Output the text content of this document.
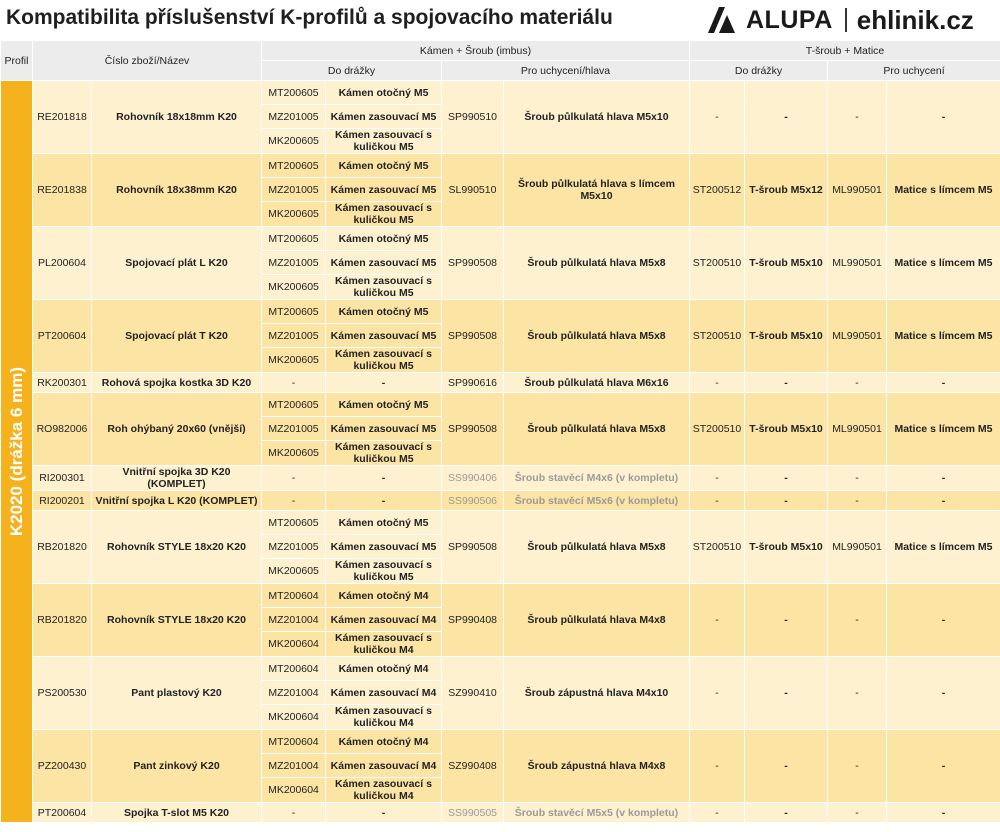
Kompatibilita příslušenství K-profilů a spojovacího materiálu	ALUPA ehlinik.cz
Profil	Číslo zboží/Název		Kámen + Šroub (imbus)				T-šroub + Matice			
			Do drážky		Pro uchycení/hlava		Do drážky		Pro uchycení	

K2020 (drážka 6 mm)	RE201818	Rohovník 18x18mm K20	MT200605	Kámen otočný M5	SP990510	Šroub půlkulatá hlava M5x10	-	-	-	-
			MZ201005	Kámen zasouvací M5						
			MK200605	Kámen zasouvací s kuličkou M5						
	RE201838	Rohovník 18x38mm K20	MT200605	Kámen otočný M5	SL990510	Šroub půlkulatá hlava s límcem M5x10	ST200512	T-šroub M5x12	ML990501	Matice s límcem M5
			MZ201005	Kámen zasouvací M5						
			MK200605	Kámen zasouvací s kuličkou M5						
	PL200604	Spojovací plát L K20	MT200605	Kámen otočný M5	SP990508	Šroub půlkulatá hlava M5x8	ST200510	T-šroub M5x10	ML990501	Matice s límcem M5
			MZ201005	Kámen zasouvací M5						
			MK200605	Kámen zasouvací s kuličkou M5						
	PT200604	Spojovací plát T K20	MT200605	Kámen otočný M5	SP990508	Šroub půlkulatá hlava M5x8	ST200510	T-šroub M5x10	ML990501	Matice s límcem M5
			MZ201005	Kámen zasouvací M5						
			MK200605	Kámen zasouvací s kuličkou M5						
	RK200301	Rohová spojka kostka 3D K20	-	-	SP990616	Šroub půlkulatá hlava M6x16	-	-	-	-
	RO982006	Roh ohýbaný 20x60 (vnější)	MT200605	Kámen otočný M5	SP990508	Šroub půlkulatá hlava M5x8	ST200510	T-šroub M5x10	ML990501	Matice s límcem M5
			MZ201005	Kámen zasouvací M5						
			MK200605	Kámen zasouvací s kuličkou M5						
	RI200301	Vnitřní spojka 3D K20 (KOMPLET)	-	-	SS990406	Šroub stavěcí M4x6 (v kompletu)	-	-	-	-
	RI200201	Vnitřní spojka L K20 (KOMPLET)	-	-	SS990506	Šroub stavěcí M5x6 (v kompletu)	-	-	-	-
	RB201820	Rohovník STYLE 18x20 K20	MT200605	Kámen otočný M5	SP990508	Šroub půlkulatá hlava M5x8	ST200510	T-šroub M5x10	ML990501	Matice s límcem M5
			MZ201005	Kámen zasouvací M5						
			MK200605	Kámen zasouvací s kuličkou M5						
	RB201820	Rohovník STYLE 18x20 K20	MT200604	Kámen otočný M4	SP990408	Šroub půlkulatá hlava M4x8	-	-	-	-
			MZ201004	Kámen zasouvací M4						
			MK200604	Kámen zasouvací s kuličkou M4						
	PS200530	Pant plastový K20	MT200604	Kámen otočný M4	SZ990410	Šroub zápustná hlava M4x10	-	-	-	-
			MZ201004	Kámen zasouvací M4						
			MK200604	Kámen zasouvací s kuličkou M4						
	PZ200430	Pant zinkový K20	MT200604	Kámen otočný M4	SZ990408	Šroub zápustná hlava M4x8	-	-	-	-
			MZ201004	Kámen zasouvací M4						
			MK200604	Kámen zasouvací s kuličkou M4						
	PT200604	Spojka T-slot M5 K20	-	-	SS990505	Šroub stavěcí M5x5 (v kompletu)	-	-	-	-
